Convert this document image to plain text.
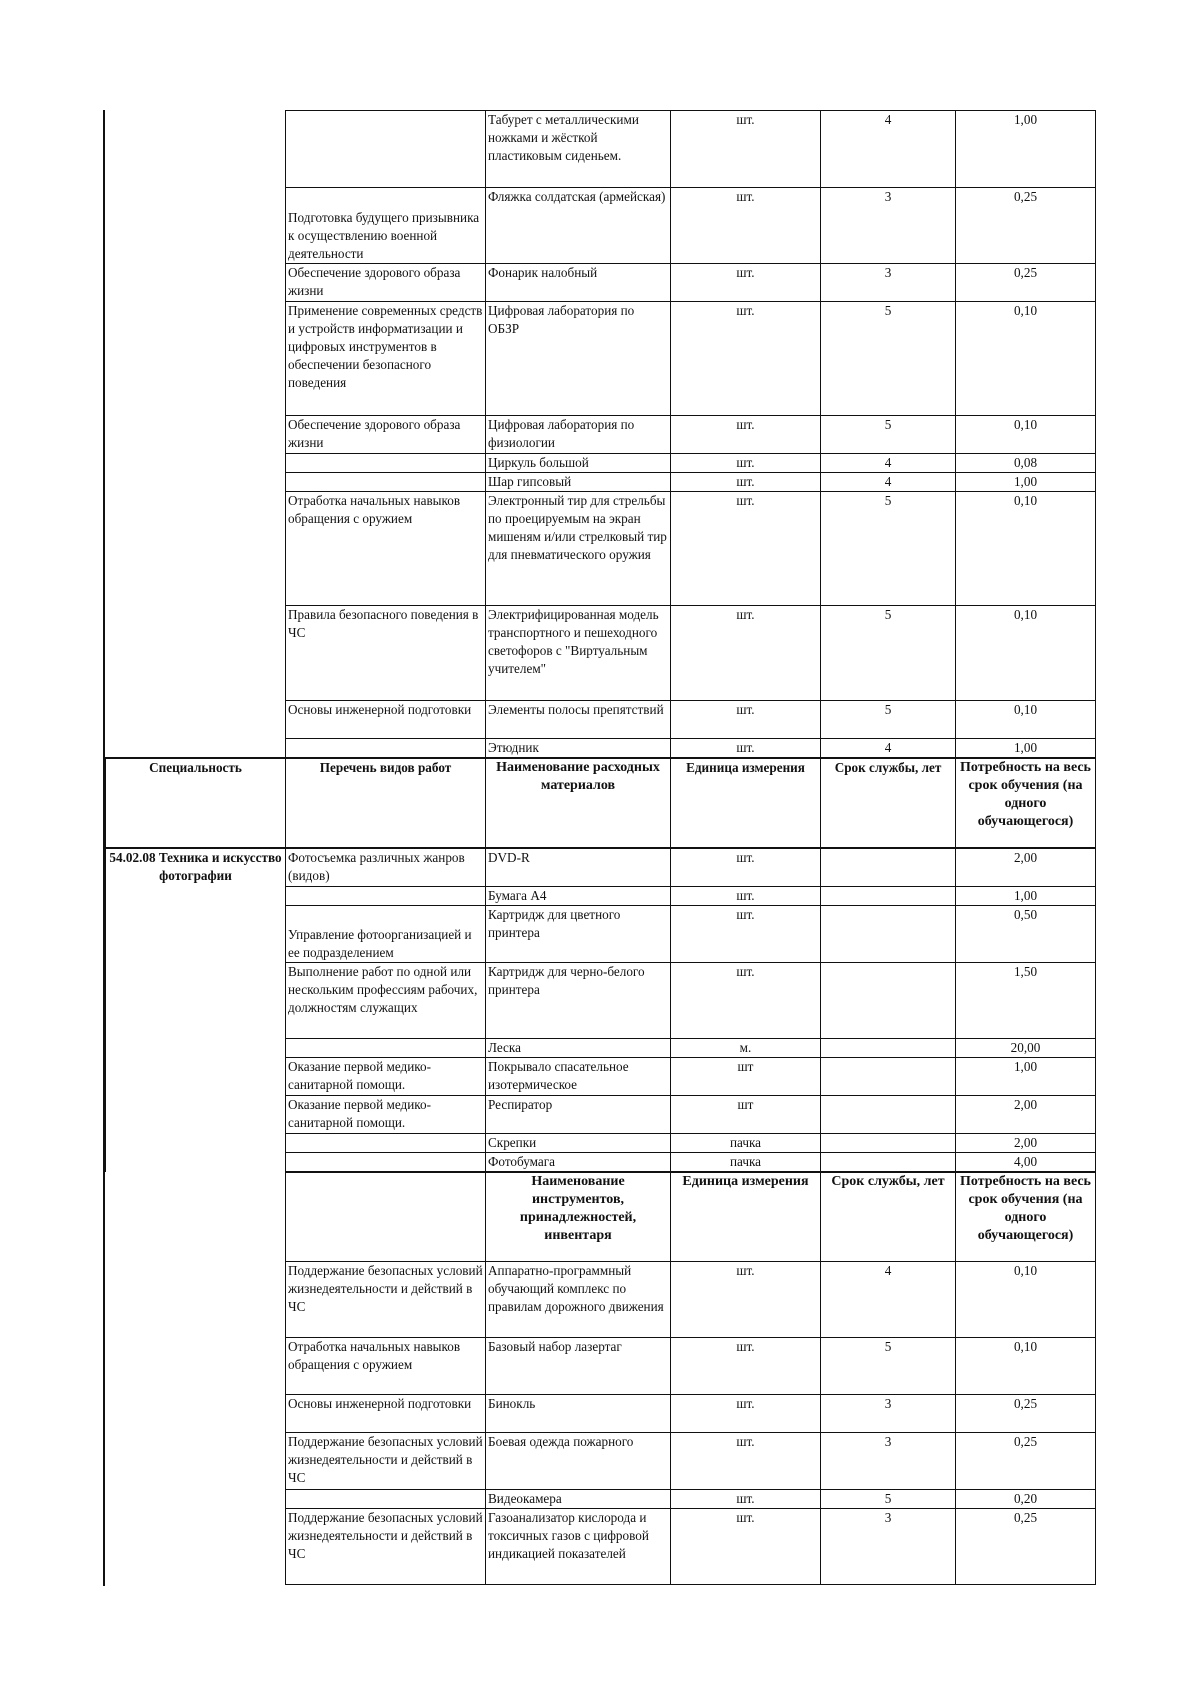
		Табурет с металлическими ножками и жёсткой пластиковым сиденьем.	шт.	4	1,00
	Подготовка будущего призывника к осуществлению военной деятельности	Фляжка солдатская (армейская)	шт.	3	0,25
	Обеспечение здорового образа жизни	Фонарик налобный	шт.	3	0,25
	Применение современных средств и устройств информатизации и цифровых инструментов в обеспечении безопасного поведения	Цифровая лаборатория по ОБЗР	шт.	5	0,10
	Обеспечение здорового образа жизни	Цифровая лаборатория по физиологии	шт.	5	0,10
		Циркуль большой	шт.	4	0,08
		Шар гипсовый	шт.	4	1,00
	Отработка начальных навыков обращения с оружием	Электронный тир для стрельбы по проецируемым на экран мишеням и/или стрелковый тир для пневматического оружия	шт.	5	0,10
	Правила безопасного поведения в ЧС	Электрифицированная модель транспортного и пешеходного светофоров с "Виртуальным учителем"	шт.	5	0,10
	Основы инженерной подготовки	Элементы полосы препятствий	шт.	5	0,10
		Этюдник	шт.	4	1,00
Специальность	Перечень видов работ	Наименование расходных материалов	Единица измерения	Срок службы, лет	Потребность на весь срок обучения (на одного обучающегося)
54.02.08 Техника и искусство фотографии	Фотосъемка различных жанров (видов)	DVD-R	шт.		2,00
		Бумага А4	шт.		1,00
	Управление фотоорганизацией и ее подразделением	Картридж для цветного принтера	шт.		0,50
	Выполнение работ по одной или нескольким профессиям рабочих, должностям служащих	Картридж для черно-белого принтера	шт.		1,50
		Леска	м.		20,00
	Оказание первой медико-санитарной помощи.	Покрывало спасательное изотермическое	шт		1,00
	Оказание первой медико-санитарной помощи.	Респиратор	шт		2,00
		Скрепки	пачка		2,00
		Фотобумага	пачка		4,00
		Наименование инструментов, принадлежностей, инвентаря	Единица измерения	Срок службы, лет	Потребность на весь срок обучения (на одного обучающегося)
	Поддержание безопасных условий жизнедеятельности и действий в ЧС	Аппаратно-программный обучающий комплекс по правилам дорожного движения	шт.	4	0,10
	Отработка начальных навыков обращения с оружием	Базовый набор лазертаг	шт.	5	0,10
	Основы инженерной подготовки	Бинокль	шт.	3	0,25
	Поддержание безопасных условий жизнедеятельности и действий в ЧС	Боевая одежда пожарного	шт.	3	0,25
		Видеокамера	шт.	5	0,20
	Поддержание безопасных условий жизнедеятельности и действий в ЧС	Газоанализатор кислорода и токсичных газов с цифровой индикацией показателей	шт.	3	0,25
